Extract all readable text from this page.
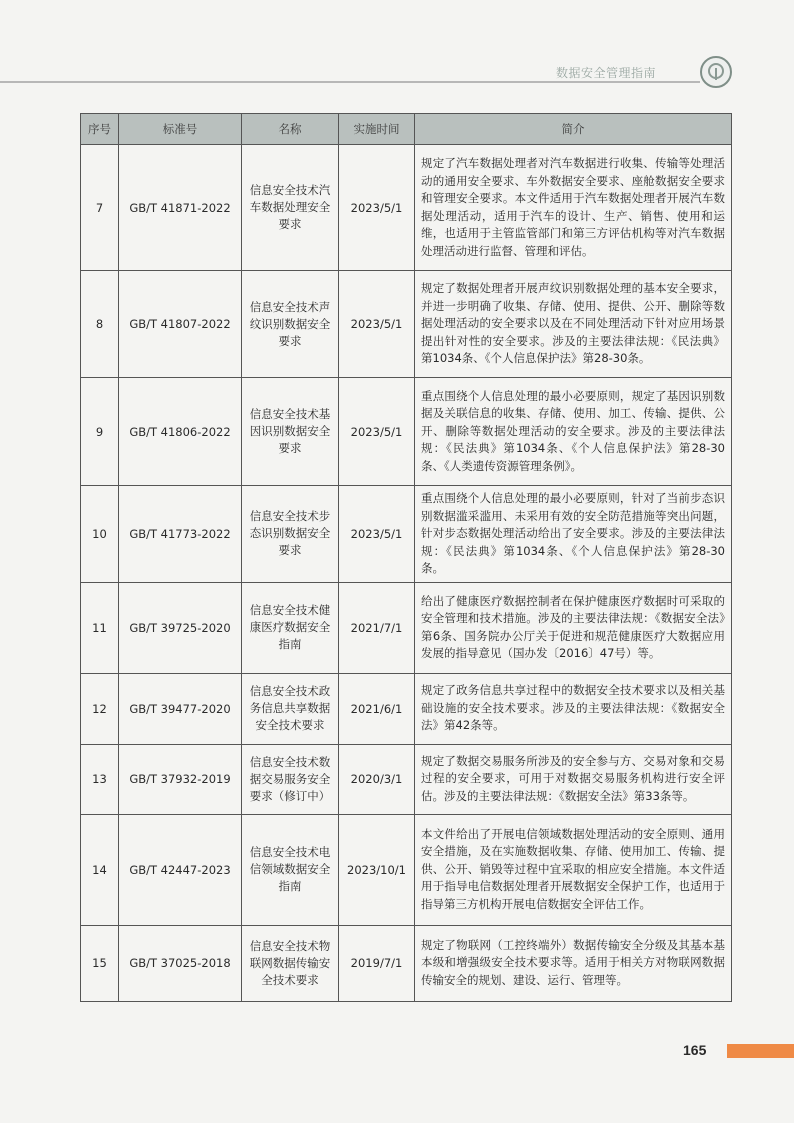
数据安全管理指南
序号	标准号	名称	实施时间	简介
7	GB/T 41871-2022	信息安全技术汽车数据处理安全要求	2023/5/1	规定了汽车数据处理者对汽车数据进行收集、传输等处理活动的通用安全要求、车外数据安全要求、座舱数据安全要求和管理安全要求。本文件适用于汽车数据处理者开展汽车数据处理活动，适用于汽车的设计、生产、销售、使用和运维，也适用于主管监管部门和第三方评估机构等对汽车数据处理活动进行监督、管理和评估。
8	GB/T 41807-2022	信息安全技术声纹识别数据安全要求	2023/5/1	规定了数据处理者开展声纹识别数据处理的基本安全要求，并进一步明确了收集、存储、使用、提供、公开、删除等数据处理活动的安全要求以及在不同处理活动下针对应用场景提出针对性的安全要求。涉及的主要法律法规：《民法典》第1034条、《个人信息保护法》第28-30条。
9	GB/T 41806-2022	信息安全技术基因识别数据安全要求	2023/5/1	重点围绕个人信息处理的最小必要原则，规定了基因识别数据及关联信息的收集、存储、使用、加工、传输、提供、公开、删除等数据处理活动的安全要求。涉及的主要法律法规：《民法典》第1034条、《个人信息保护法》第28-30条、《人类遗传资源管理条例》。
10	GB/T 41773-2022	信息安全技术步态识别数据安全要求	2023/5/1	重点围绕个人信息处理的最小必要原则，针对了当前步态识别数据滥采滥用、未采用有效的安全防范措施等突出问题，针对步态数据处理活动给出了安全要求。涉及的主要法律法规：《民法典》第1034条、《个人信息保护法》第28-30条。
11	GB/T 39725-2020	信息安全技术健康医疗数据安全指南	2021/7/1	给出了健康医疗数据控制者在保护健康医疗数据时可采取的安全管理和技术措施。涉及的主要法律法规：《数据安全法》第6条、国务院办公厅关于促进和规范健康医疗大数据应用发展的指导意见（国办发〔2016〕47号）等。
12	GB/T 39477-2020	信息安全技术政务信息共享数据安全技术要求	2021/6/1	规定了政务信息共享过程中的数据安全技术要求以及相关基础设施的安全技术要求。涉及的主要法律法规：《数据安全法》第42条等。
13	GB/T 37932-2019	信息安全技术数据交易服务安全要求（修订中）	2020/3/1	规定了数据交易服务所涉及的安全参与方、交易对象和交易过程的安全要求，可用于对数据交易服务机构进行安全评估。涉及的主要法律法规：《数据安全法》第33条等。
14	GB/T 42447-2023	信息安全技术电信领域数据安全指南	2023/10/1	本文件给出了开展电信领域数据处理活动的安全原则、通用安全措施，及在实施数据收集、存储、使用加工、传输、提供、公开、销毁等过程中宜采取的相应安全措施。本文件适用于指导电信数据处理者开展数据安全保护工作，也适用于指导第三方机构开展电信数据安全评估工作。
15	GB/T 37025-2018	信息安全技术物联网数据传输安全技术要求	2019/7/1	规定了物联网（工控终端外）数据传输安全分级及其基本基本级和增强级安全技术要求等。适用于相关方对物联网数据传输安全的规划、建设、运行、管理等。
165
